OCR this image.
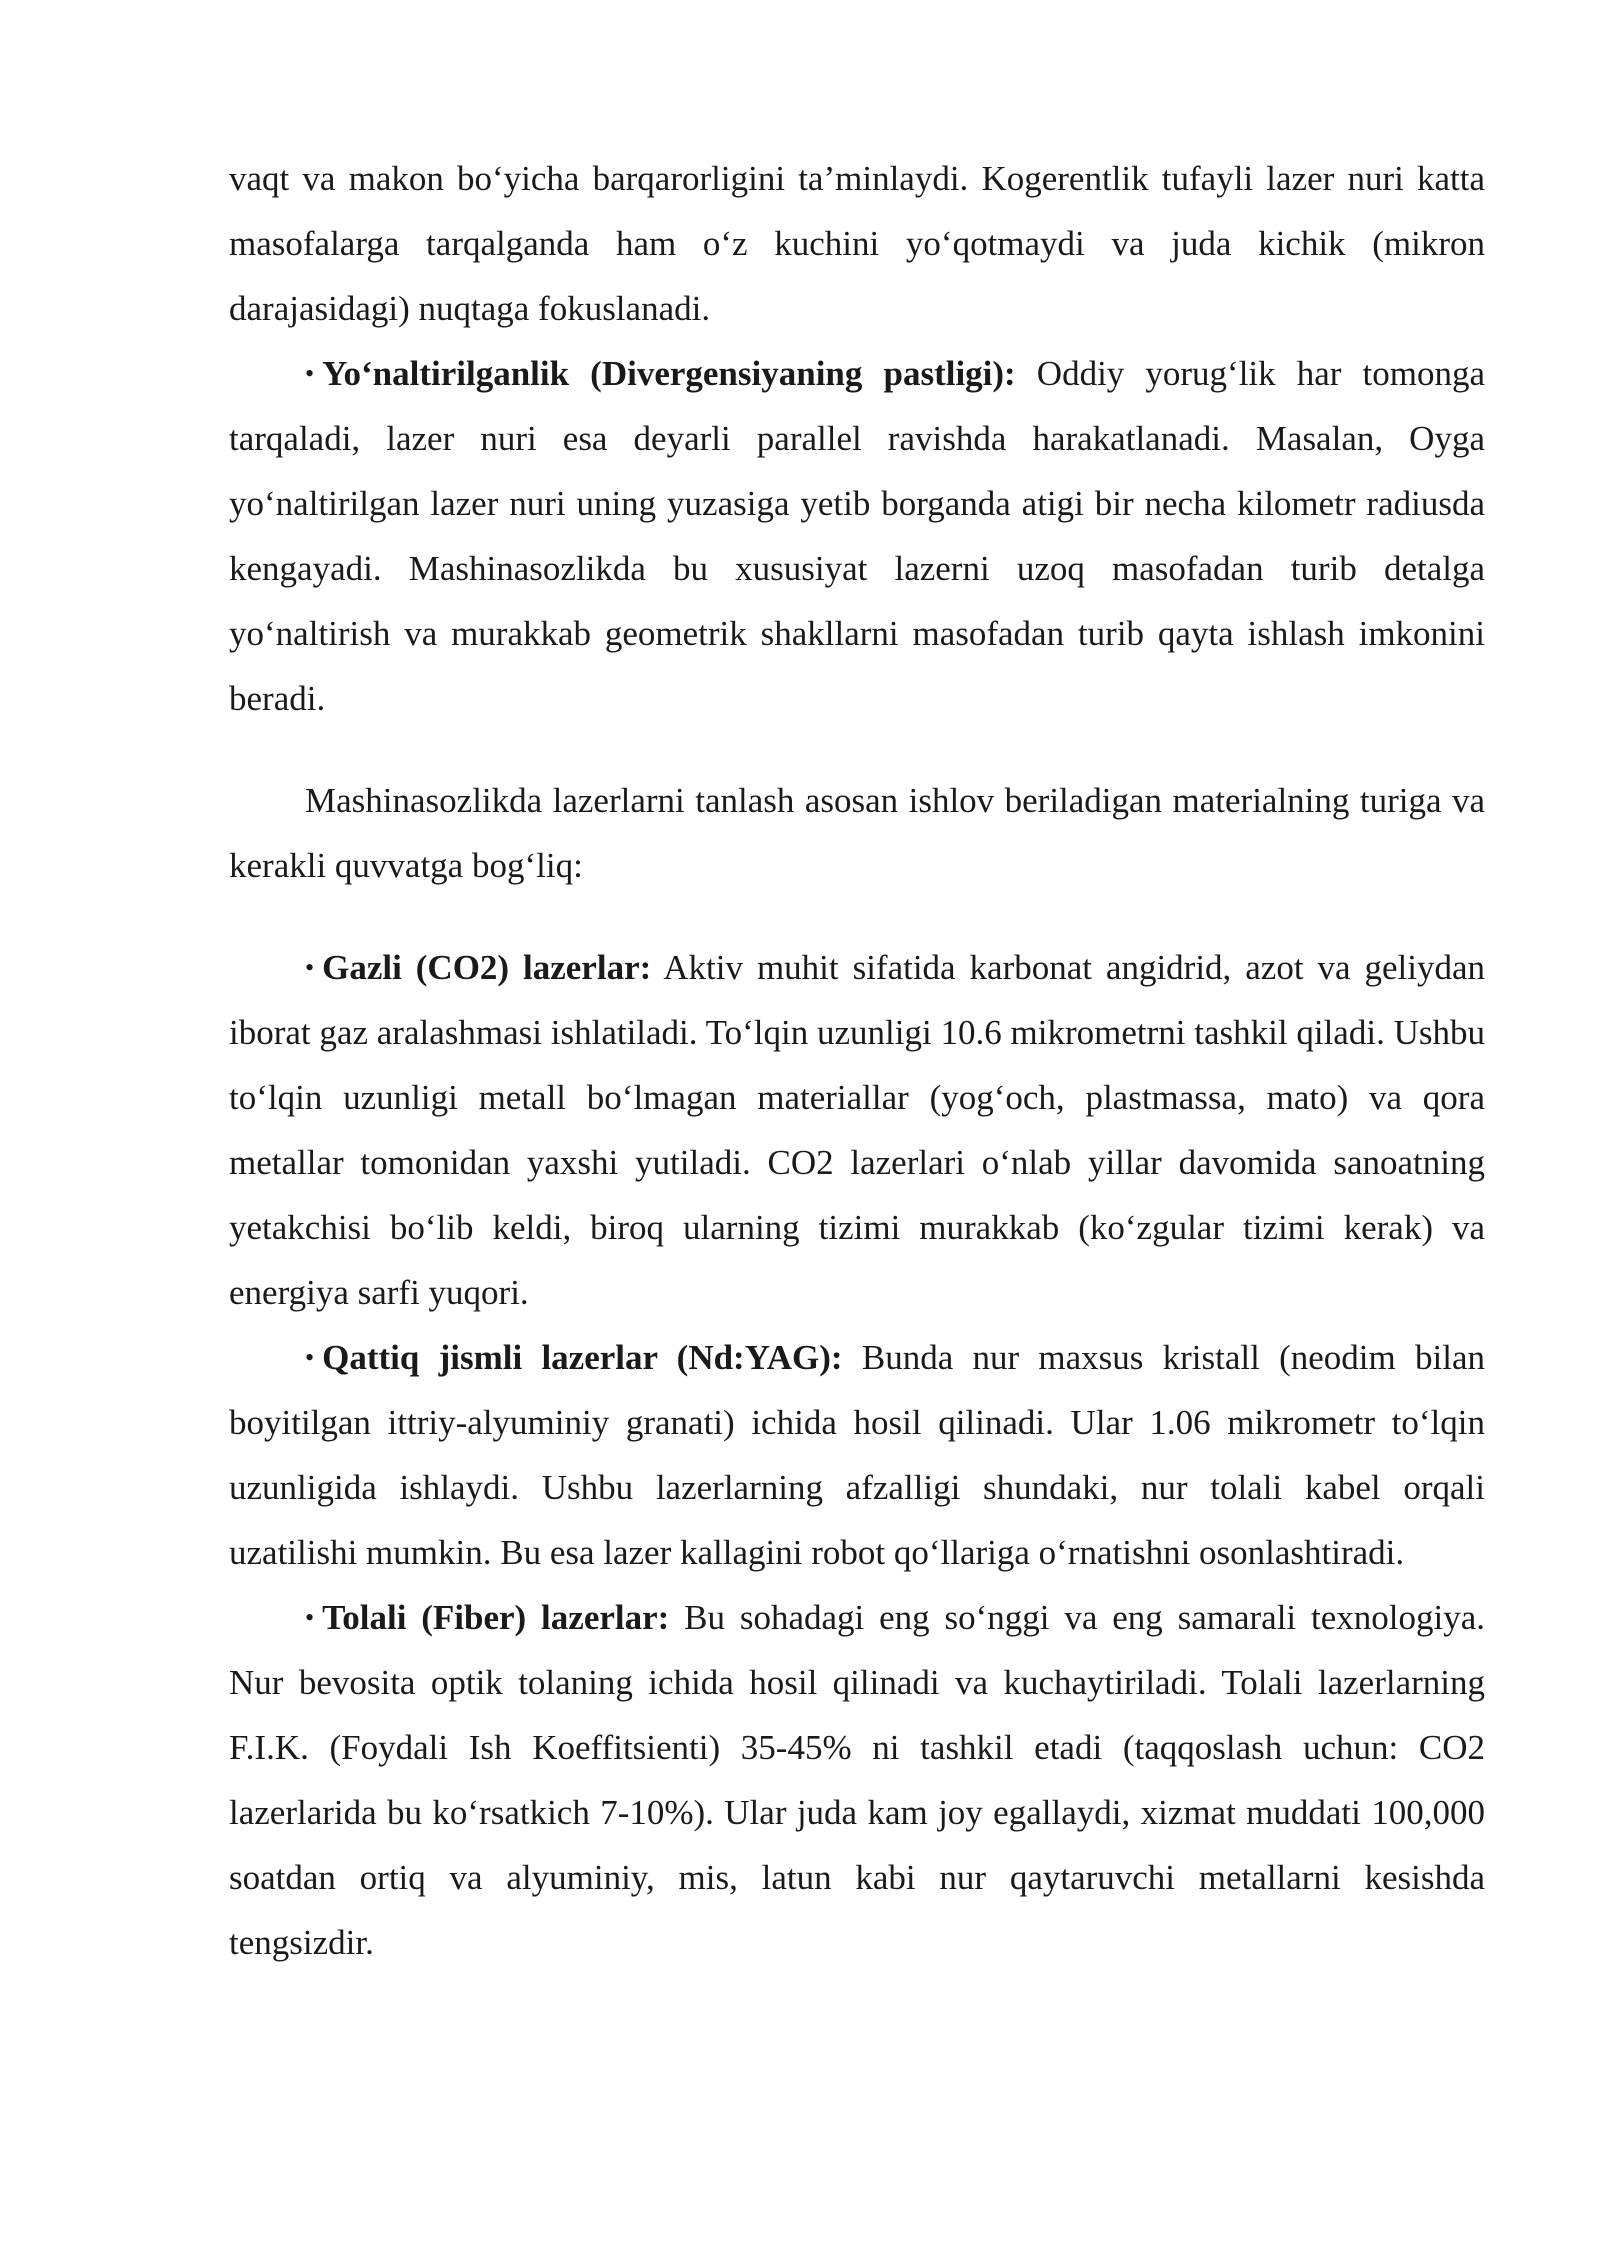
vaqt va makon bo‘yicha barqarorligini ta’minlaydi. Kogerentlik tufayli lazer nuri katta masofalarga tarqalganda ham o‘z kuchini yo‘qotmaydi va juda kichik (mikron darajasidagi) nuqtaga fokuslanadi.

• Yo‘naltirilganlik (Divergensiyaning pastligi): Oddiy yorug‘lik har tomonga tarqaladi, lazer nuri esa deyarli parallel ravishda harakatlanadi. Masalan, Oyga yo‘naltirilgan lazer nuri uning yuzasiga yetib borganda atigi bir necha kilometr radiusda kengayadi. Mashinasozlikda bu xususiyat lazerni uzoq masofadan turib detalga yo‘naltirish va murakkab geometrik shakllarni masofadan turib qayta ishlash imkonini beradi.

Mashinasozlikda lazerlarni tanlash asosan ishlov beriladigan materialning turiga va kerakli quvvatga bog‘liq:

• Gazli (CO2) lazerlar: Aktiv muhit sifatida karbonat angidrid, azot va geliydan iborat gaz aralashmasi ishlatiladi. To‘lqin uzunligi 10.6 mikrometrni tashkil qiladi. Ushbu to‘lqin uzunligi metall bo‘lmagan materiallar (yog‘och, plastmassa, mato) va qora metallar tomonidan yaxshi yutiladi. CO2 lazerlari o‘nlab yillar davomida sanoatning yetakchisi bo‘lib keldi, biroq ularning tizimi murakkab (ko‘zgular tizimi kerak) va energiya sarfi yuqori.

• Qattiq jismli lazerlar (Nd:YAG): Bunda nur maxsus kristall (neodim bilan boyitilgan ittriy-alyuminiy granati) ichida hosil qilinadi. Ular 1.06 mikrometr to‘lqin uzunligida ishlaydi. Ushbu lazerlarning afzalligi shundaki, nur tolali kabel orqali uzatilishi mumkin. Bu esa lazer kallagini robot qo‘llariga o‘rnatishni osonlashtiradi.

• Tolali (Fiber) lazerlar: Bu sohadagi eng so‘nggi va eng samarali texnologiya. Nur bevosita optik tolaning ichida hosil qilinadi va kuchaytiriladi. Tolali lazerlarning F.I.K. (Foydali Ish Koeffitsienti) 35-45% ni tashkil etadi (taqqoslash uchun: CO2 lazerlarida bu ko‘rsatkich 7-10%). Ular juda kam joy egallaydi, xizmat muddati 100,000 soatdan ortiq va alyuminiy, mis, latun kabi nur qaytaruvchi metallarni kesishda tengsizdir.
